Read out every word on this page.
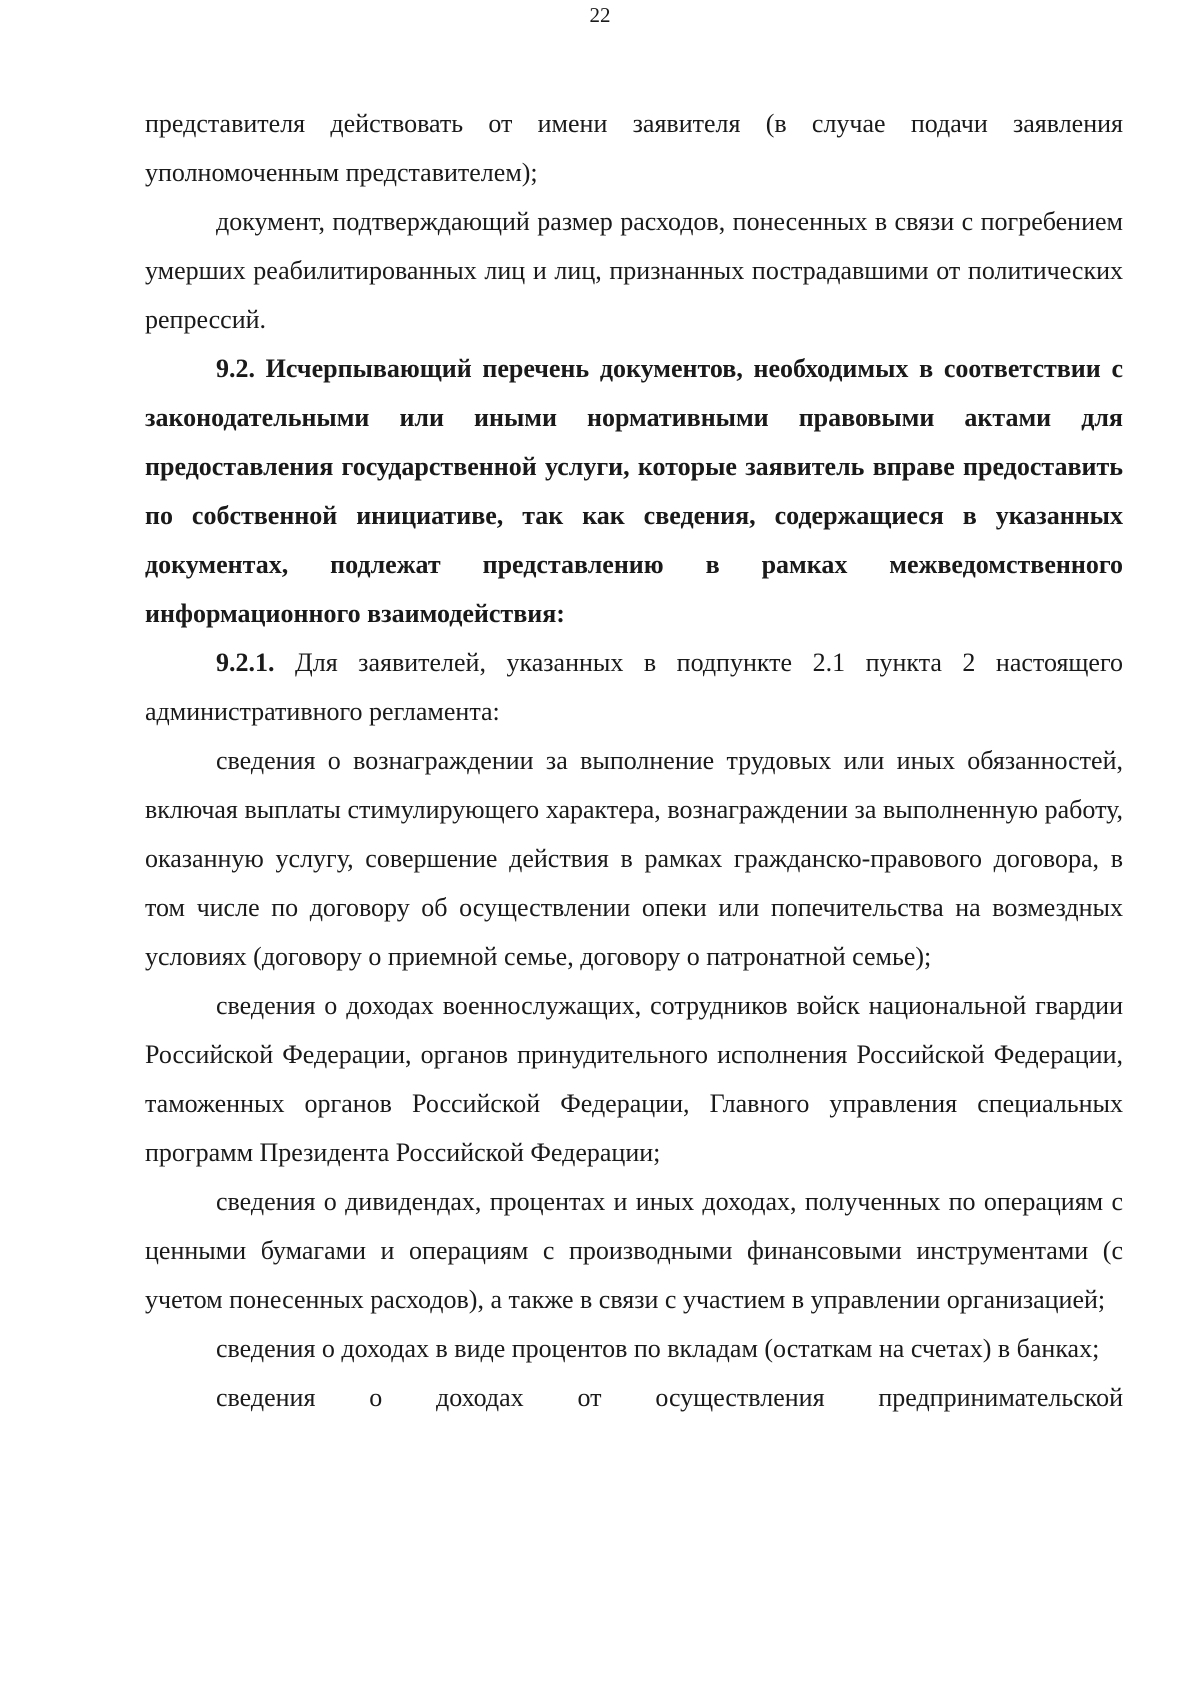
22

представителя действовать от имени заявителя (в случае подачи заявления уполномоченным представителем);

документ, подтверждающий размер расходов, понесенных в связи с погребением умерших реабилитированных лиц и лиц, признанных пострадавшими от политических репрессий.

9.2. Исчерпывающий перечень документов, необходимых в соответствии с законодательными или иными нормативными правовыми актами для предоставления государственной услуги, которые заявитель вправе предоставить по собственной инициативе, так как сведения, содержащиеся в указанных документах, подлежат представлению в рамках межведомственного информационного взаимодействия:

9.2.1. Для заявителей, указанных в подпункте 2.1 пункта 2 настоящего административного регламента:

сведения о вознаграждении за выполнение трудовых или иных обязанностей, включая выплаты стимулирующего характера, вознаграждении за выполненную работу, оказанную услугу, совершение действия в рамках гражданско-правового договора, в том числе по договору об осуществлении опеки или попечительства на возмездных условиях (договору о приемной семье, договору о патронатной семье);

сведения о доходах военнослужащих, сотрудников войск национальной гвардии Российской Федерации, органов принудительного исполнения Российской Федерации, таможенных органов Российской Федерации, Главного управления специальных программ Президента Российской Федерации;

сведения о дивидендах, процентах и иных доходах, полученных по операциям с ценными бумагами и операциям с производными финансовыми инструментами (с учетом понесенных расходов), а также в связи с участием в управлении организацией;

сведения о доходах в виде процентов по вкладам (остаткам на счетах) в банках;

сведения о доходах от осуществления предпринимательской
